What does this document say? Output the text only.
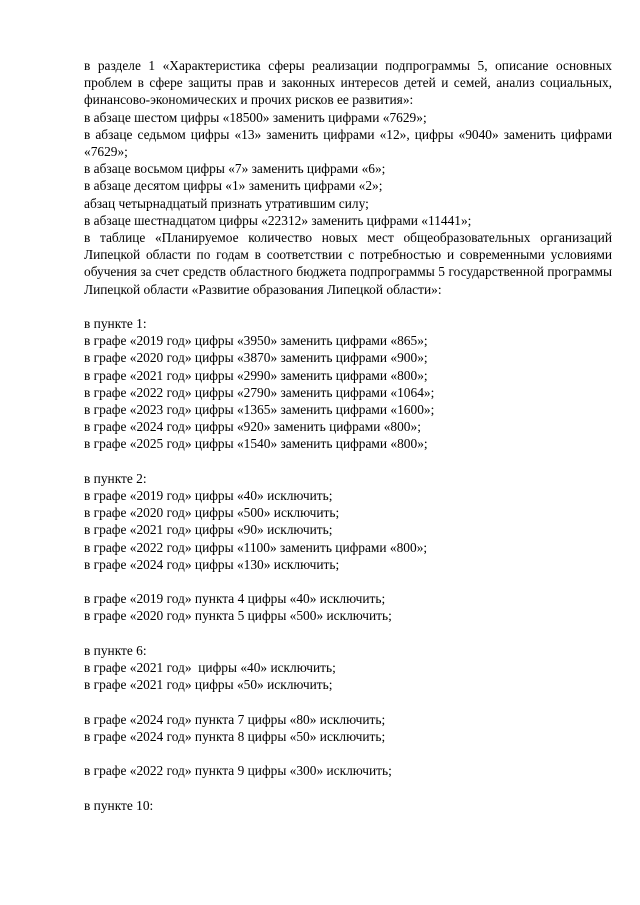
в разделе 1 «Характеристика сферы реализации подпрограммы 5, описание основных проблем в сфере защиты прав и законных интересов детей и семей, анализ социальных, финансово-экономических и прочих рисков ее развития»:

в абзаце шестом цифры «18500» заменить цифрами «7629»;

в абзаце седьмом цифры «13» заменить цифрами «12», цифры «9040» заменить цифрами «7629»;

в абзаце восьмом цифры «7» заменить цифрами «6»;

в абзаце десятом цифры «1» заменить цифрами «2»;

абзац четырнадцатый признать утратившим силу;

в абзаце шестнадцатом цифры «22312» заменить цифрами «11441»;

в таблице «Планируемое количество новых мест общеобразовательных организаций Липецкой области по годам в соответствии с потребностью и современными условиями обучения за счет средств областного бюджета подпрограммы 5 государственной программы Липецкой области «Развитие образования Липецкой области»:

в пункте 1:

в графе «2019 год» цифры «3950» заменить цифрами «865»;

в графе «2020 год» цифры «3870» заменить цифрами «900»;

в графе «2021 год» цифры «2990» заменить цифрами «800»;

в графе «2022 год» цифры «2790» заменить цифрами «1064»;

в графе «2023 год» цифры «1365» заменить цифрами «1600»;

в графе «2024 год» цифры «920» заменить цифрами «800»;

в графе «2025 год» цифры «1540» заменить цифрами «800»;

в пункте 2:

в графе «2019 год» цифры «40» исключить;

в графе «2020 год» цифры «500» исключить;

в графе «2021 год» цифры «90» исключить;

в графе «2022 год» цифры «1100» заменить цифрами «800»;

в графе «2024 год» цифры «130» исключить;

в графе «2019 год» пункта 4 цифры «40» исключить;

в графе «2020 год» пункта 5 цифры «500» исключить;

в пункте 6:

в графе «2021 год»  цифры «40» исключить;

в графе «2021 год» цифры «50» исключить;

в графе «2024 год» пункта 7 цифры «80» исключить;

в графе «2024 год» пункта 8 цифры «50» исключить;

в графе «2022 год» пункта 9 цифры «300» исключить;

в пункте 10:
